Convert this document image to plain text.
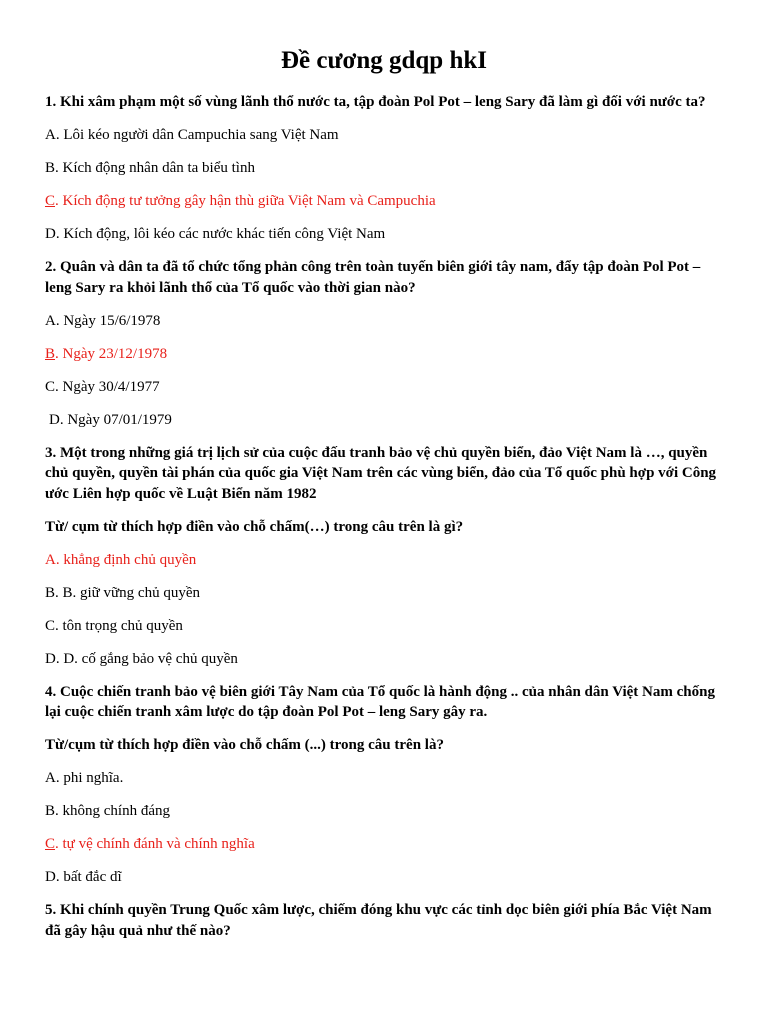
Đề cương gdqp hkI

1. Khi xâm phạm một số vùng lãnh thổ nước ta, tập đoàn Pol Pot – leng Sary đã làm gì đối với nước ta?

A. Lôi kéo người dân Campuchia sang Việt Nam

B. Kích động nhân dân ta biểu tình

C. Kích động tư tưởng gây hận thù giữa Việt Nam và Campuchia

D. Kích động, lôi kéo các nước khác tiến công Việt Nam

2. Quân và dân ta đã tổ chức tổng phản công trên toàn tuyến biên giới tây nam, đẩy tập đoàn Pol Pot – leng Sary ra khỏi lãnh thổ của Tổ quốc vào thời gian nào?

A. Ngày 15/6/1978

B. Ngày 23/12/1978

C. Ngày 30/4/1977

D. Ngày 07/01/1979

3. Một trong những giá trị lịch sử của cuộc đấu tranh bảo vệ chủ quyền biển, đảo Việt Nam là …, quyền chủ quyền, quyền tài phán của quốc gia Việt Nam trên các vùng biển, đảo của Tổ quốc phù hợp với Công ước Liên hợp quốc về Luật Biển năm 1982

Từ/ cụm từ thích hợp điền vào chỗ chấm(…) trong câu trên là gì?

A. khẳng định chủ quyền

B. B. giữ vững chủ quyền

C. tôn trọng chủ quyền

D. D. cố gắng bảo vệ chủ quyền

4. Cuộc chiến tranh bảo vệ biên giới Tây Nam của Tổ quốc là hành động .. của nhân dân Việt Nam chống lại cuộc chiến tranh xâm lược do tập đoàn Pol Pot – leng Sary gây ra.

Từ/cụm từ thích hợp điền vào chỗ chấm (...) trong câu trên là?

A. phi nghĩa.

B. không chính đáng

C. tự vệ chính đánh và chính nghĩa

D. bất đắc dĩ

5. Khi chính quyền Trung Quốc xâm lược, chiếm đóng khu vực các tỉnh dọc biên giới phía Bắc Việt Nam đã gây hậu quả như thế nào?
